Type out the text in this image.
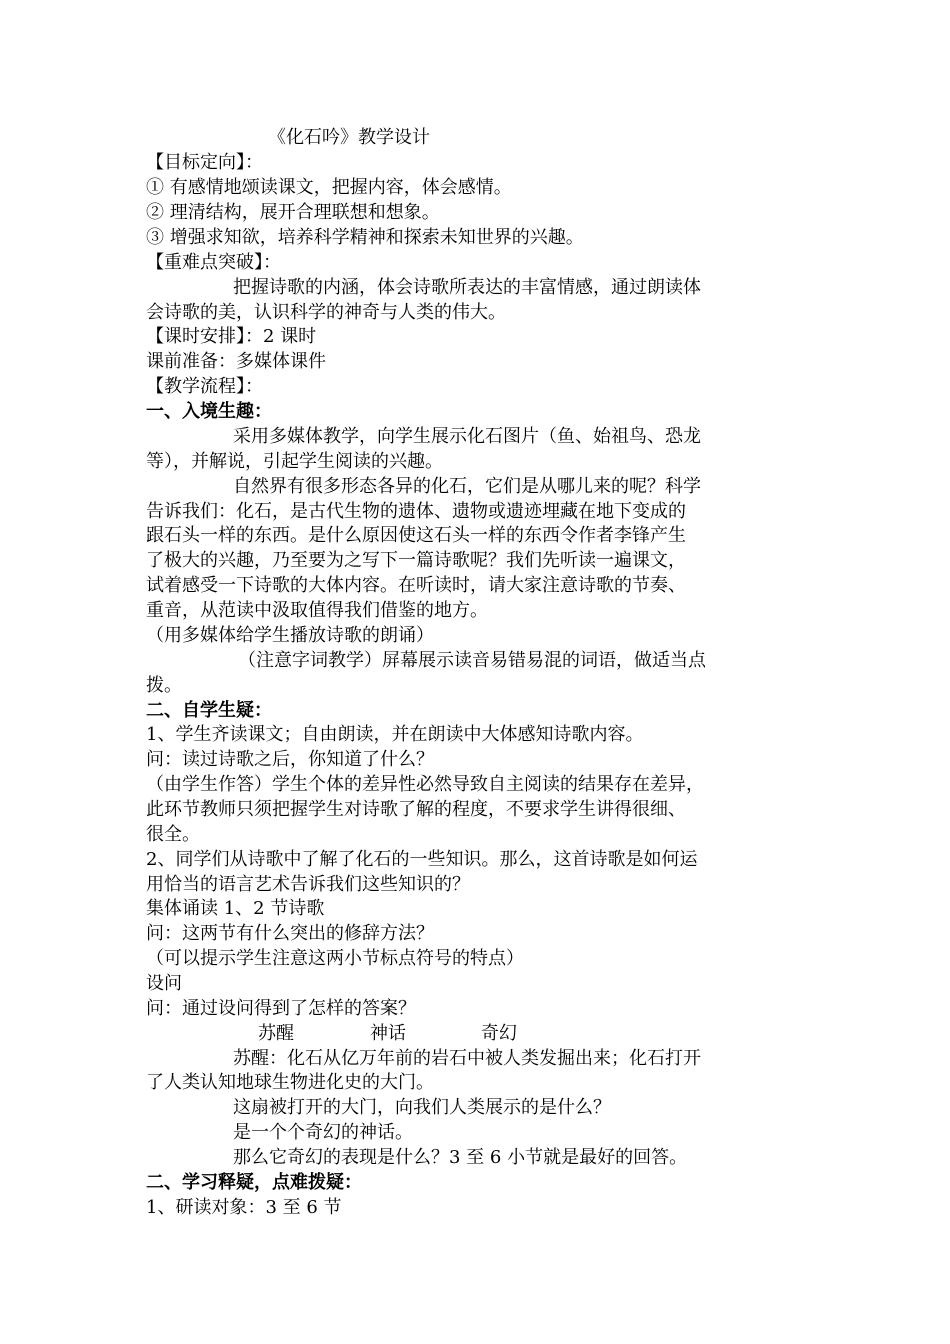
《化石吟》教学设计
【目标定向】：
① 有感情地颂读课文，把握内容，体会感情。
② 理清结构，展开合理联想和想象。
③ 增强求知欲，培养科学精神和探索未知世界的兴趣。
【重难点突破】：
把握诗歌的内涵，体会诗歌所表达的丰富情感，通过朗读体
会诗歌的美，认识科学的神奇与人类的伟大。
【课时安排】：2 课时
课前准备：多媒体课件
【教学流程】：
一、入境生趣：
采用多媒体教学，向学生展示化石图片（鱼、始祖鸟、恐龙
等），并解说，引起学生阅读的兴趣。
自然界有很多形态各异的化石，它们是从哪儿来的呢？科学
告诉我们：化石，是古代生物的遗体、遗物或遗迹埋藏在地下变成的
跟石头一样的东西。是什么原因使这石头一样的东西令作者李锋产生
了极大的兴趣，乃至要为之写下一篇诗歌呢？我们先听读一遍课文，
试着感受一下诗歌的大体内容。在听读时，请大家注意诗歌的节奏、
重音，从范读中汲取值得我们借鉴的地方。
（用多媒体给学生播放诗歌的朗诵）
（注意字词教学）屏幕展示读音易错易混的词语，做适当点
拨。
二、自学生疑：
1、学生齐读课文；自由朗读，并在朗读中大体感知诗歌内容。
问：读过诗歌之后，你知道了什么？
（由学生作答）学生个体的差异性必然导致自主阅读的结果存在差异，
此环节教师只须把握学生对诗歌了解的程度，不要求学生讲得很细、
很全。
2、同学们从诗歌中了解了化石的一些知识。那么，这首诗歌是如何运
用恰当的语言艺术告诉我们这些知识的？
集体诵读 1、2 节诗歌
问：这两节有什么突出的修辞方法？
（可以提示学生注意这两小节标点符号的特点）
设问
问：通过设问得到了怎样的答案？
苏醒	神话	奇幻
苏醒：化石从亿万年前的岩石中被人类发掘出来；化石打开
了人类认知地球生物进化史的大门。
这扇被打开的大门，向我们人类展示的是什么？
是一个个奇幻的神话。
那么它奇幻的表现是什么？3 至 6 小节就是最好的回答。
二、学习释疑，点难拨疑：
1、研读对象：3 至 6 节
